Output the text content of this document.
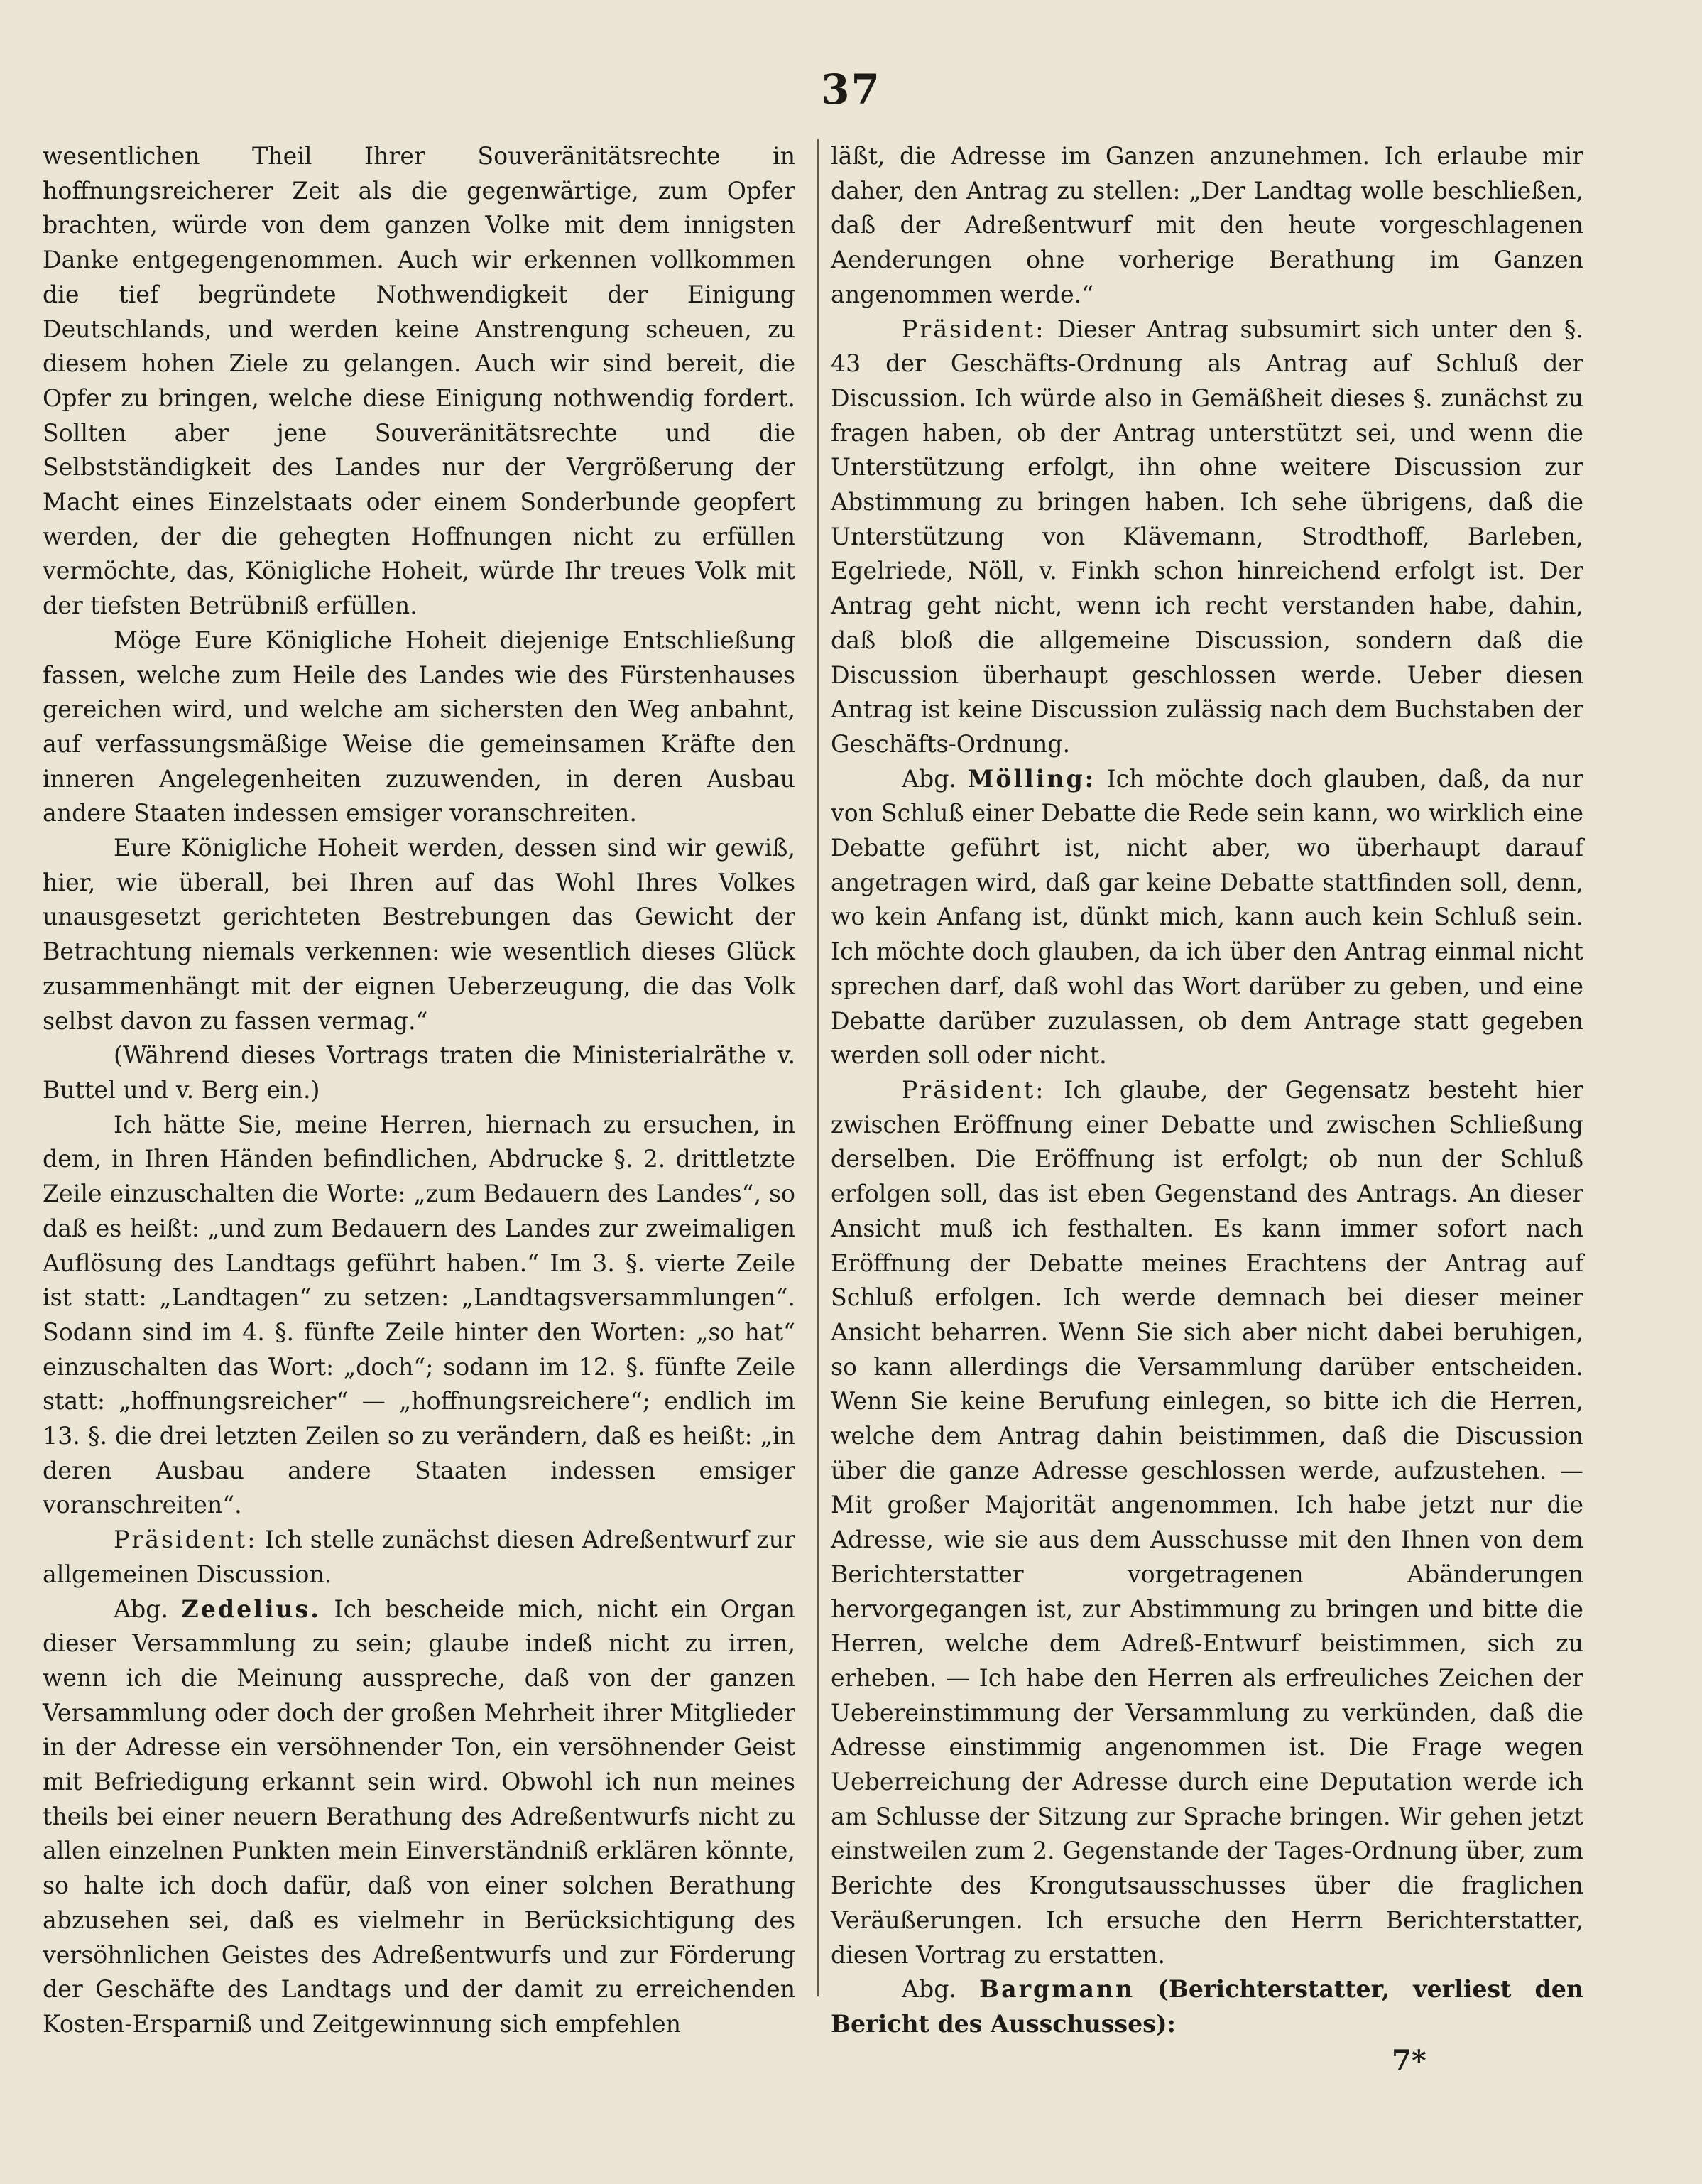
37

wesentlichen Theil Ihrer Souveränitätsrechte in hoffnungsreicherer Zeit als die gegenwärtige, zum Opfer brachten, würde von dem ganzen Volke mit dem innigsten Danke entgegengenommen. Auch wir erkennen vollkommen die tief begründete Nothwendigkeit der Einigung Deutschlands, und werden keine Anstrengung scheuen, zu diesem hohen Ziele zu gelangen. Auch wir sind bereit, die Opfer zu bringen, welche diese Einigung nothwendig fordert. Sollten aber jene Souveränitätsrechte und die Selbstständigkeit des Landes nur der Vergrößerung der Macht eines Einzelstaats oder einem Sonderbunde geopfert werden, der die gehegten Hoffnungen nicht zu erfüllen vermöchte, das, Königliche Hoheit, würde Ihr treues Volk mit der tiefsten Betrübniß erfüllen.

Möge Eure Königliche Hoheit diejenige Entschließung fassen, welche zum Heile des Landes wie des Fürstenhauses gereichen wird, und welche am sichersten den Weg anbahnt, auf verfassungsmäßige Weise die gemeinsamen Kräfte den inneren Angelegenheiten zuzuwenden, in deren Ausbau andere Staaten indessen emsiger voranschreiten.

Eure Königliche Hoheit werden, dessen sind wir gewiß, hier, wie überall, bei Ihren auf das Wohl Ihres Volkes unausgesetzt gerichteten Bestrebungen das Gewicht der Betrachtung niemals verkennen: wie wesentlich dieses Glück zusammenhängt mit der eignen Ueberzeugung, die das Volk selbst davon zu fassen vermag.“

(Während dieses Vortrags traten die Ministerialräthe v. Buttel und v. Berg ein.)

Ich hätte Sie, meine Herren, hiernach zu ersuchen, in dem, in Ihren Händen befindlichen, Abdrucke §. 2. drittletzte Zeile einzuschalten die Worte: „zum Bedauern des Landes“, so daß es heißt: „und zum Bedauern des Landes zur zweimaligen Auflösung des Landtags geführt haben.“ Im 3. §. vierte Zeile ist statt: „Landtagen“ zu setzen: „Landtagsversammlungen“. Sodann sind im 4. §. fünfte Zeile hinter den Worten: „so hat“ einzuschalten das Wort: „doch“; sodann im 12. §. fünfte Zeile statt: „hoffnungsreicher“ — „hoffnungsreichere“; endlich im 13. §. die drei letzten Zeilen so zu verändern, daß es heißt: „in deren Ausbau andere Staaten indessen emsiger voranschreiten“.

Präsident: Ich stelle zunächst diesen Adreßentwurf zur allgemeinen Discussion.

Abg. Zedelius. Ich bescheide mich, nicht ein Organ dieser Versammlung zu sein; glaube indeß nicht zu irren, wenn ich die Meinung ausspreche, daß von der ganzen Versammlung oder doch der großen Mehrheit ihrer Mitglieder in der Adresse ein versöhnender Ton, ein versöhnender Geist mit Befriedigung erkannt sein wird. Obwohl ich nun meines theils bei einer neuern Berathung des Adreßentwurfs nicht zu allen einzelnen Punkten mein Einverständniß erklären könnte, so halte ich doch dafür, daß von einer solchen Berathung abzusehen sei, daß es vielmehr in Berücksichtigung des versöhnlichen Geistes des Adreßentwurfs und zur Förderung der Geschäfte des Landtags und der damit zu erreichenden Kosten-Ersparniß und Zeitgewinnung sich empfehlen

läßt, die Adresse im Ganzen anzunehmen. Ich erlaube mir daher, den Antrag zu stellen: „Der Landtag wolle beschließen, daß der Adreßentwurf mit den heute vorgeschlagenen Aenderungen ohne vorherige Berathung im Ganzen angenommen werde.“

Präsident: Dieser Antrag subsumirt sich unter den §. 43 der Geschäfts-Ordnung als Antrag auf Schluß der Discussion. Ich würde also in Gemäßheit dieses §. zunächst zu fragen haben, ob der Antrag unterstützt sei, und wenn die Unterstützung erfolgt, ihn ohne weitere Discussion zur Abstimmung zu bringen haben. Ich sehe übrigens, daß die Unterstützung von Klävemann, Strodthoff, Barleben, Egelriede, Nöll, v. Finkh schon hinreichend erfolgt ist. Der Antrag geht nicht, wenn ich recht verstanden habe, dahin, daß bloß die allgemeine Discussion, sondern daß die Discussion überhaupt geschlossen werde. Ueber diesen Antrag ist keine Discussion zulässig nach dem Buchstaben der Geschäfts-Ordnung.

Abg. Mölling: Ich möchte doch glauben, daß, da nur von Schluß einer Debatte die Rede sein kann, wo wirklich eine Debatte geführt ist, nicht aber, wo überhaupt darauf angetragen wird, daß gar keine Debatte stattfinden soll, denn, wo kein Anfang ist, dünkt mich, kann auch kein Schluß sein. Ich möchte doch glauben, da ich über den Antrag einmal nicht sprechen darf, daß wohl das Wort darüber zu geben, und eine Debatte darüber zuzulassen, ob dem Antrage statt gegeben werden soll oder nicht.

Präsident: Ich glaube, der Gegensatz besteht hier zwischen Eröffnung einer Debatte und zwischen Schließung derselben. Die Eröffnung ist erfolgt; ob nun der Schluß erfolgen soll, das ist eben Gegenstand des Antrags. An dieser Ansicht muß ich festhalten. Es kann immer sofort nach Eröffnung der Debatte meines Erachtens der Antrag auf Schluß erfolgen. Ich werde demnach bei dieser meiner Ansicht beharren. Wenn Sie sich aber nicht dabei beruhigen, so kann allerdings die Versammlung darüber entscheiden. Wenn Sie keine Berufung einlegen, so bitte ich die Herren, welche dem Antrag dahin beistimmen, daß die Discussion über die ganze Adresse geschlossen werde, aufzustehen. — Mit großer Majorität angenommen. Ich habe jetzt nur die Adresse, wie sie aus dem Ausschusse mit den Ihnen von dem Berichterstatter vorgetragenen Abänderungen hervorgegangen ist, zur Abstimmung zu bringen und bitte die Herren, welche dem Adreß-Entwurf beistimmen, sich zu erheben. — Ich habe den Herren als erfreuliches Zeichen der Uebereinstimmung der Versammlung zu verkünden, daß die Adresse einstimmig angenommen ist. Die Frage wegen Ueberreichung der Adresse durch eine Deputation werde ich am Schlusse der Sitzung zur Sprache bringen. Wir gehen jetzt einstweilen zum 2. Gegenstande der Tages-Ordnung über, zum Berichte des Krongutsausschusses über die fraglichen Veräußerungen. Ich ersuche den Herrn Berichterstatter, diesen Vortrag zu erstatten.

Abg. Bargmann (Berichterstatter, verliest den Bericht des Ausschusses):

7*
